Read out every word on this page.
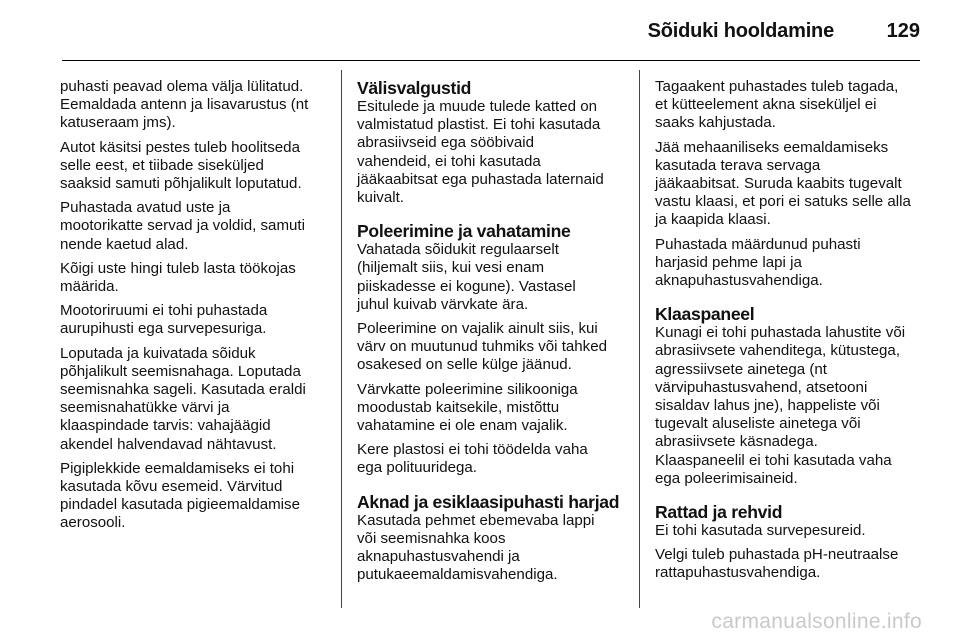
Sõiduki hooldamine	129

puhasti peavad olema välja lülitatud.
Eemaldada antenn ja lisavarustus (nt
katuseraam jms).

Autot käsitsi pestes tuleb hoolitseda
selle eest, et tiibade siseküljed
saaksid samuti põhjalikult loputatud.

Puhastada avatud uste ja
mootorikatte servad ja voldid, samuti
nende kaetud alad.

Kõigi uste hingi tuleb lasta töökojas
määrida.

Mootoriruumi ei tohi puhastada
aurupihusti ega survepesuriga.

Loputada ja kuivatada sõiduk
põhjalikult seemisnahaga. Loputada
seemisnahka sageli. Kasutada eraldi
seemisnahatükke värvi ja
klaaspindade tarvis: vahajäägid
akendel halvendavad nähtavust.

Pigiplekkide eemaldamiseks ei tohi
kasutada kõvu esemeid. Värvitud
pindadel kasutada pigieemaldamise
aerosooli.

Välisvalgustid

Esitulede ja muude tulede katted on
valmistatud plastist. Ei tohi kasutada
abrasiivseid ega sööbivaid
vahendeid, ei tohi kasutada
jääkaabitsat ega puhastada laternaid
kuivalt.

Poleerimine ja vahatamine

Vahatada sõidukit regulaarselt
(hiljemalt siis, kui vesi enam
piiskadesse ei kogune). Vastasel
juhul kuivab värvkate ära.

Poleerimine on vajalik ainult siis, kui
värv on muutunud tuhmiks või tahked
osakesed on selle külge jäänud.

Värvkatte poleerimine silikooniga
moodustab kaitsekile, mistõttu
vahatamine ei ole enam vajalik.

Kere plastosi ei tohi töödelda vaha
ega polituuridega.

Aknad ja esiklaasipuhasti harjad

Kasutada pehmet ebemevaba lappi
või seemisnahka koos
aknapuhastusvahendi ja
putukaeemaldamisvahendiga.

Tagaakent puhastades tuleb tagada,
et kütteelement akna siseküljel ei
saaks kahjustada.

Jää mehaaniliseks eemaldamiseks
kasutada terava servaga
jääkaabitsat. Suruda kaabits tugevalt
vastu klaasi, et pori ei satuks selle alla
ja kaapida klaasi.

Puhastada määrdunud puhasti
harjasid pehme lapi ja
aknapuhastusvahendiga.

Klaaspaneel

Kunagi ei tohi puhastada lahustite või
abrasiivsete vahenditega, kütustega,
agressiivsete ainetega (nt
värvipuhastusvahend, atsetooni
sisaldav lahus jne), happeliste või
tugevalt aluseliste ainetega või
abrasiivsete käsnadega.
Klaaspaneelil ei tohi kasutada vaha
ega poleerimisaineid.

Rattad ja rehvid

Ei tohi kasutada survepesureid.

Velgi tuleb puhastada pH-neutraalse
rattapuhastusvahendiga.

carmanualsonline.info
